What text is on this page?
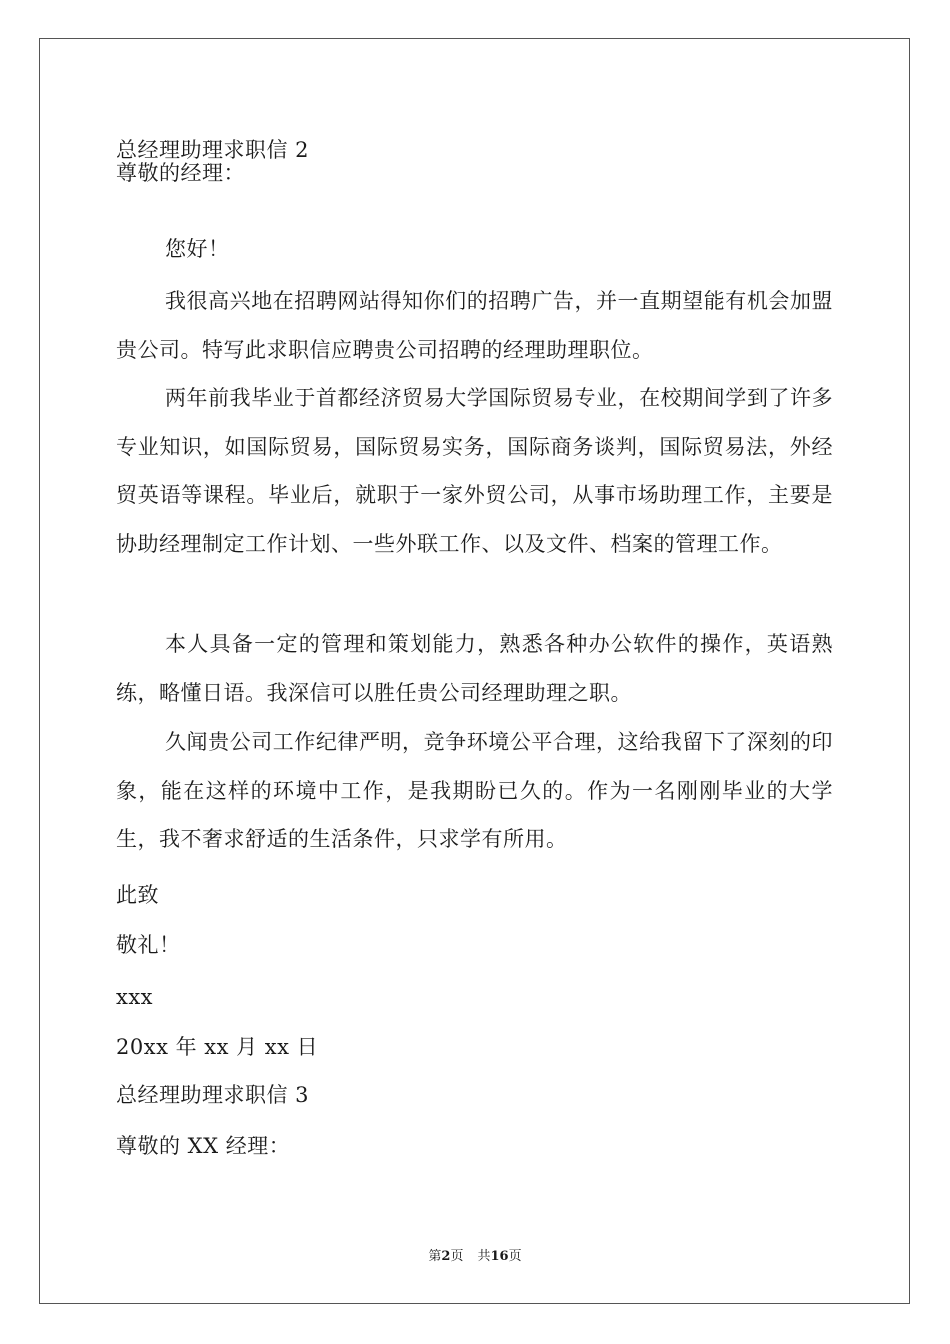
总经理助理求职信 2
尊敬的经理：
您好！

我很高兴地在招聘网站得知你们的招聘广告，并一直期望能有机会加盟贵公司。特写此求职信应聘贵公司招聘的经理助理职位。

两年前我毕业于首都经济贸易大学国际贸易专业，在校期间学到了许多专业知识，如国际贸易，国际贸易实务，国际商务谈判，国际贸易法，外经贸英语等课程。毕业后，就职于一家外贸公司，从事市场助理工作，主要是协助经理制定工作计划、一些外联工作、以及文件、档案的管理工作。

本人具备一定的管理和策划能力，熟悉各种办公软件的操作，英语熟练，略懂日语。我深信可以胜任贵公司经理助理之职。

久闻贵公司工作纪律严明，竞争环境公平合理，这给我留下了深刻的印象，能在这样的环境中工作，是我期盼已久的。作为一名刚刚毕业的大学生，我不奢求舒适的生活条件，只求学有所用。

此致
敬礼！
xxx
20xx 年 xx 月 xx 日
总经理助理求职信 3
尊敬的 XX 经理：
第2页 共16页
